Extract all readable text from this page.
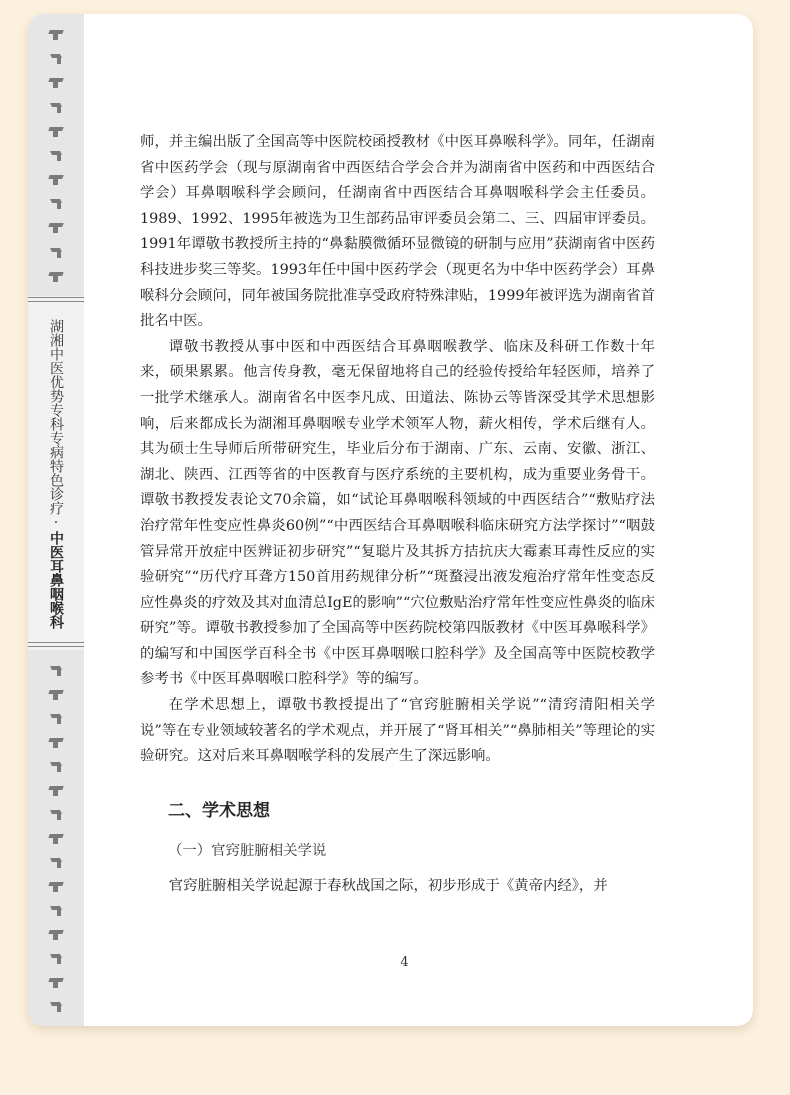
湖湘中医优势专科专病特色诊疗·中医耳鼻咽喉科

师，并主编出版了全国高等中医院校函授教材《中医耳鼻喉科学》。同年，任湖南省中医药学会（现与原湖南省中西医结合学会合并为湖南省中医药和中西医结合学会）耳鼻咽喉科学会顾问，任湖南省中西医结合耳鼻咽喉科学会主任委员。1989、1992、1995年被选为卫生部药品审评委员会第二、三、四届审评委员。1991年谭敬书教授所主持的“鼻黏膜微循环显微镜的研制与应用”获湖南省中医药科技进步奖三等奖。1993年任中国中医药学会（现更名为中华中医药学会）耳鼻喉科分会顾问，同年被国务院批准享受政府特殊津贴，1999年被评选为湖南省首批名中医。

谭敬书教授从事中医和中西医结合耳鼻咽喉教学、临床及科研工作数十年来，硕果累累。他言传身教，毫无保留地将自己的经验传授给年轻医师，培养了一批学术继承人。湖南省名中医李凡成、田道法、陈协云等皆深受其学术思想影响，后来都成长为湖湘耳鼻咽喉专业学术领军人物，薪火相传，学术后继有人。其为硕士生导师后所带研究生，毕业后分布于湖南、广东、云南、安徽、浙江、湖北、陕西、江西等省的中医教育与医疗系统的主要机构，成为重要业务骨干。谭敬书教授发表论文70余篇，如“试论耳鼻咽喉科领域的中西医结合”“敷贴疗法治疗常年性变应性鼻炎60例”“中西医结合耳鼻咽喉科临床研究方法学探讨”“咽鼓管异常开放症中医辨证初步研究”“复聪片及其拆方拮抗庆大霉素耳毒性反应的实验研究”“历代疗耳聋方150首用药规律分析”“斑蝥浸出液发疱治疗常年性变态反应性鼻炎的疗效及其对血清总IgE的影响”“穴位敷贴治疗常年性变应性鼻炎的临床研究”等。谭敬书教授参加了全国高等中医药院校第四版教材《中医耳鼻喉科学》的编写和中国医学百科全书《中医耳鼻咽喉口腔科学》及全国高等中医院校教学参考书《中医耳鼻咽喉口腔科学》等的编写。

在学术思想上，谭敬书教授提出了“官窍脏腑相关学说”“清窍清阳相关学说”等在专业领域较著名的学术观点，并开展了“肾耳相关”“鼻肺相关”等理论的实验研究。这对后来耳鼻咽喉学科的发展产生了深远影响。

二、学术思想

（一）官窍脏腑相关学说

官窍脏腑相关学说起源于春秋战国之际，初步形成于《黄帝内经》，并

4
